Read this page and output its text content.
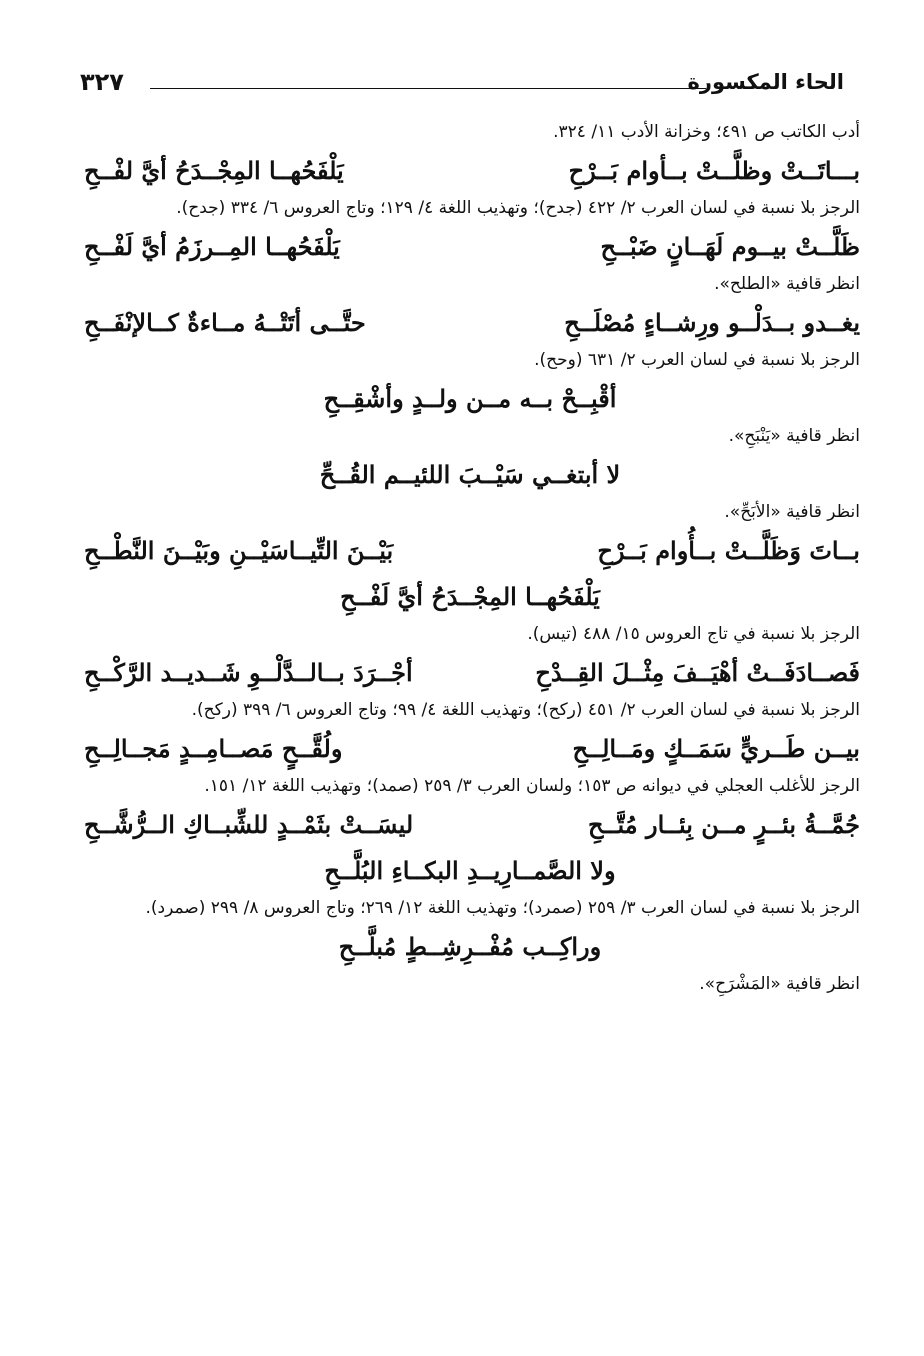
الحاء المكسورة
٣٢٧

أدب الكاتب ص ٤٩١؛ وخزانة الأدب ١١/ ٣٢٤.

بـــاتَــتْ وظلَّــتْ بــأوام بَــرْحِ
يَلْفَحُهــا المِجْــدَحُ أيَّ لفْــحِ

الرجز بلا نسبة في لسان العرب ٢/ ٤٢٢ (جدح)؛ وتهذيب اللغة ٤/ ١٢٩؛ وتاج العروس ٦/ ٣٣٤ (جدح).

ظَلَّــتْ بيــوم لَهَــانٍ ضَبْــحِ
يَلْفَحُهــا المِــرزَمُ أيَّ لَفْــحِ

انظر قافية «الطلح».

يغــدو بــدَلْــو ورِشــاءٍ مُصْلَــحِ
حتَّــى أتَتْــهُ مــاءةٌ كــالإنْفَــحِ

الرجز بلا نسبة في لسان العرب ٢/ ٦٣١ (وحح).

أقْبِــحْ بــه مــن ولــدٍ وأشْقِــحِ

انظر قافية «يَنْبَحِ».

لا أبتغــي سَيْــبَ اللئيــم القُــحِّ

انظر قافية «الأبَحِّ».

بــاتَ وَظَلَّــتْ بــأُوام بَــرْحِ
بَيْــنَ التِّيــاسَيْــنِ وبَيْــنَ النَّطْــحِ
يَلْفَحُهــا المِجْــدَحُ أيَّ لَفْــحِ

الرجز بلا نسبة في تاج العروس ١٥/ ٤٨٨ (تيس).

فَصــادَفَــتْ أهْيَــفَ مِثْــلَ القِــدْحِ
أجْــرَدَ بــالــدَّلْــوِ شَــديــد الرَّكْــحِ

الرجز بلا نسبة في لسان العرب ٢/ ٤٥١ (ركح)؛ وتهذيب اللغة ٤/ ٩٩؛ وتاج العروس ٦/ ٣٩٩ (ركح).

بيــن طَــريٍّ سَمَــكٍ ومَــالِــحِ
ولُقَّــحٍ مَصــامِــدٍ مَجــالِــحِ

الرجز للأغلب العجلي في ديوانه ص ١٥٣؛ ولسان العرب ٣/ ٢٥٩ (صمد)؛ وتهذيب اللغة ١٢/ ١٥١.

جُمَّــةُ بئــرٍ مــن بِئــار مُتَّــحِ
ليسَــتْ بثَمْــدٍ للشِّبــاكِ الــرُّشَّــحِ
ولا الصَّمــارِيــدِ البكــاءِ البُلَّــحِ

الرجز بلا نسبة في لسان العرب ٣/ ٢٥٩ (صمرد)؛ وتهذيب اللغة ١٢/ ٢٦٩؛ وتاج العروس ٨/ ٢٩٩ (صمرد).

وراكِــب مُفْــرِشِــطٍ مُبلَّــحِ

انظر قافية «المَشْرَحِ».
